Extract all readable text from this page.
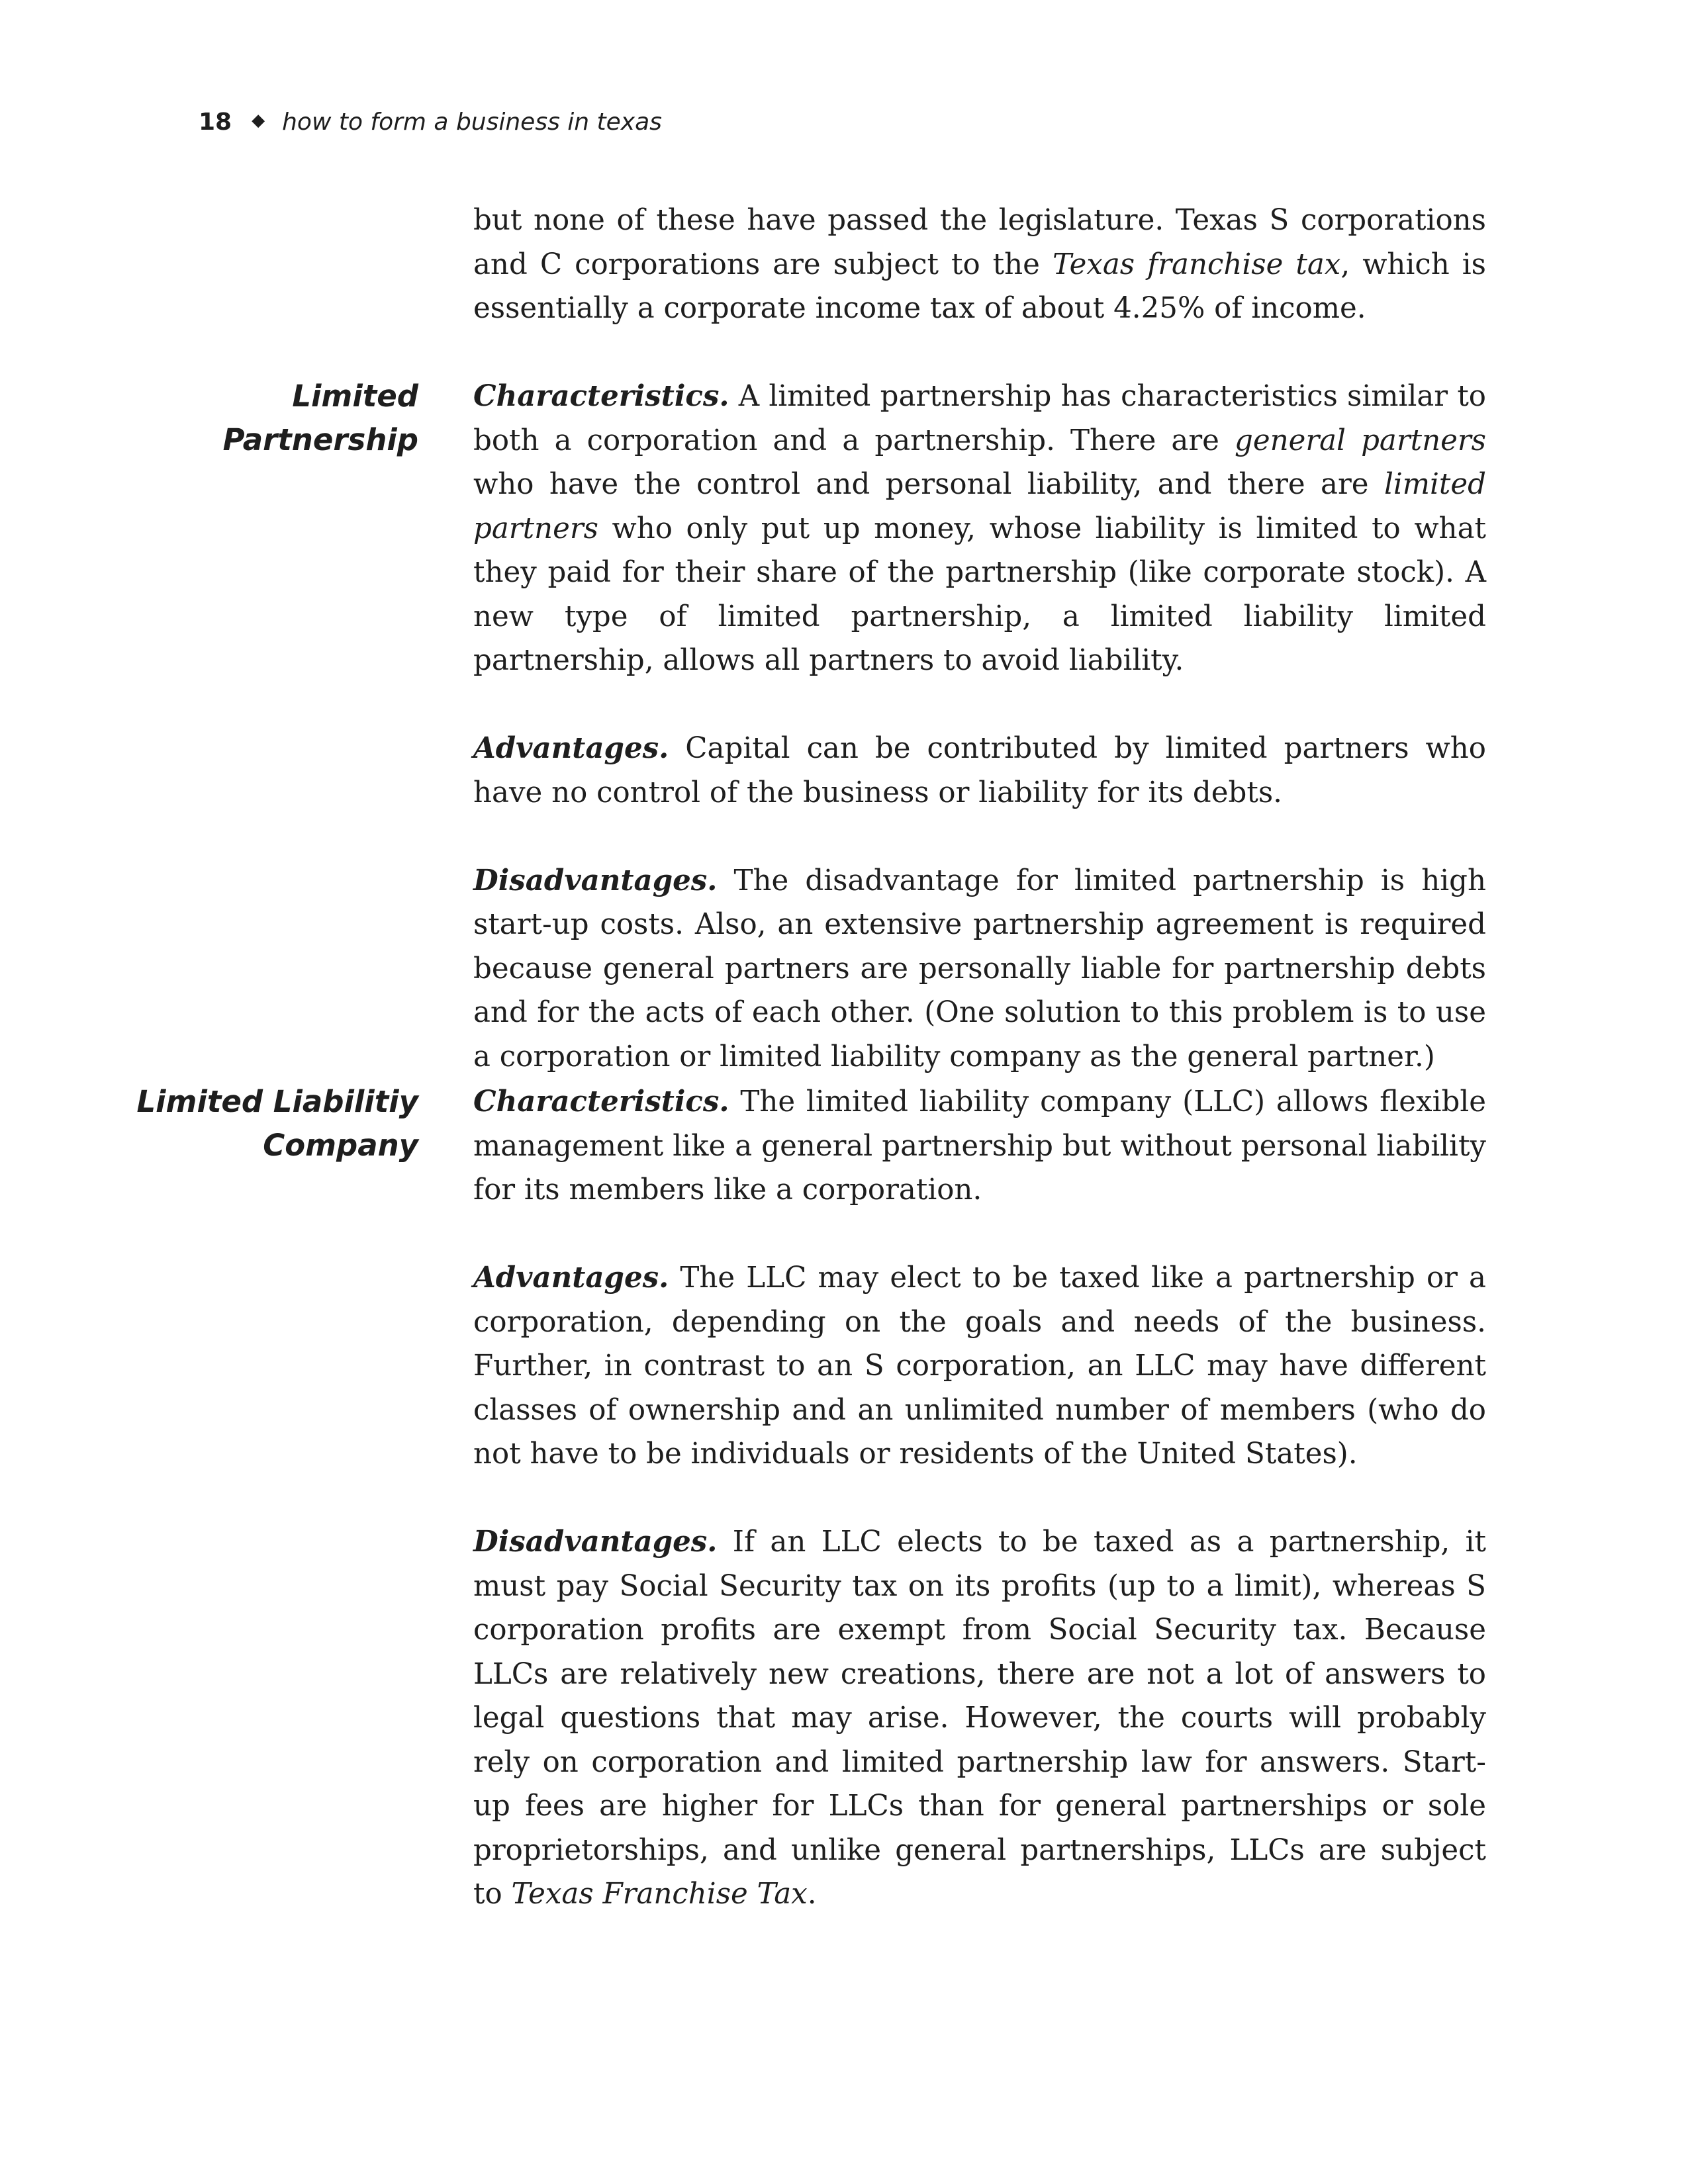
18 ◆ how to form a business in texas

but none of these have passed the legislature. Texas S corporations and C corporations are subject to the Texas franchise tax, which is essentially a corporate income tax of about 4.25% of income.

Limited
Partnership

Characteristics. A limited partnership has characteristics similar to both a corporation and a partnership. There are general partners who have the control and personal liability, and there are limited partners who only put up money, whose liability is limited to what they paid for their share of the partnership (like corporate stock). A new type of limited partnership, a limited liability limited partnership, allows all partners to avoid liability.

Advantages. Capital can be contributed by limited partners who have no control of the business or liability for its debts.

Disadvantages. The disadvantage for limited partnership is high start-up costs. Also, an extensive partnership agreement is required because general partners are personally liable for partnership debts and for the acts of each other. (One solution to this problem is to use a corporation or limited liability company as the general partner.)

Limited Liabilitiy
Company

Characteristics. The limited liability company (LLC) allows flexible management like a general partnership but without personal liability for its members like a corporation.

Advantages. The LLC may elect to be taxed like a partnership or a corporation, depending on the goals and needs of the business. Further, in contrast to an S corporation, an LLC may have different classes of ownership and an unlimited number of members (who do not have to be individuals or residents of the United States).

Disadvantages. If an LLC elects to be taxed as a partnership, it must pay Social Security tax on its profits (up to a limit), whereas S corporation profits are exempt from Social Security tax. Because LLCs are relatively new creations, there are not a lot of answers to legal questions that may arise. However, the courts will probably rely on corporation and limited partnership law for answers. Start-up fees are higher for LLCs than for general partnerships or sole proprietorships, and unlike general partnerships, LLCs are subject to Texas Franchise Tax.
